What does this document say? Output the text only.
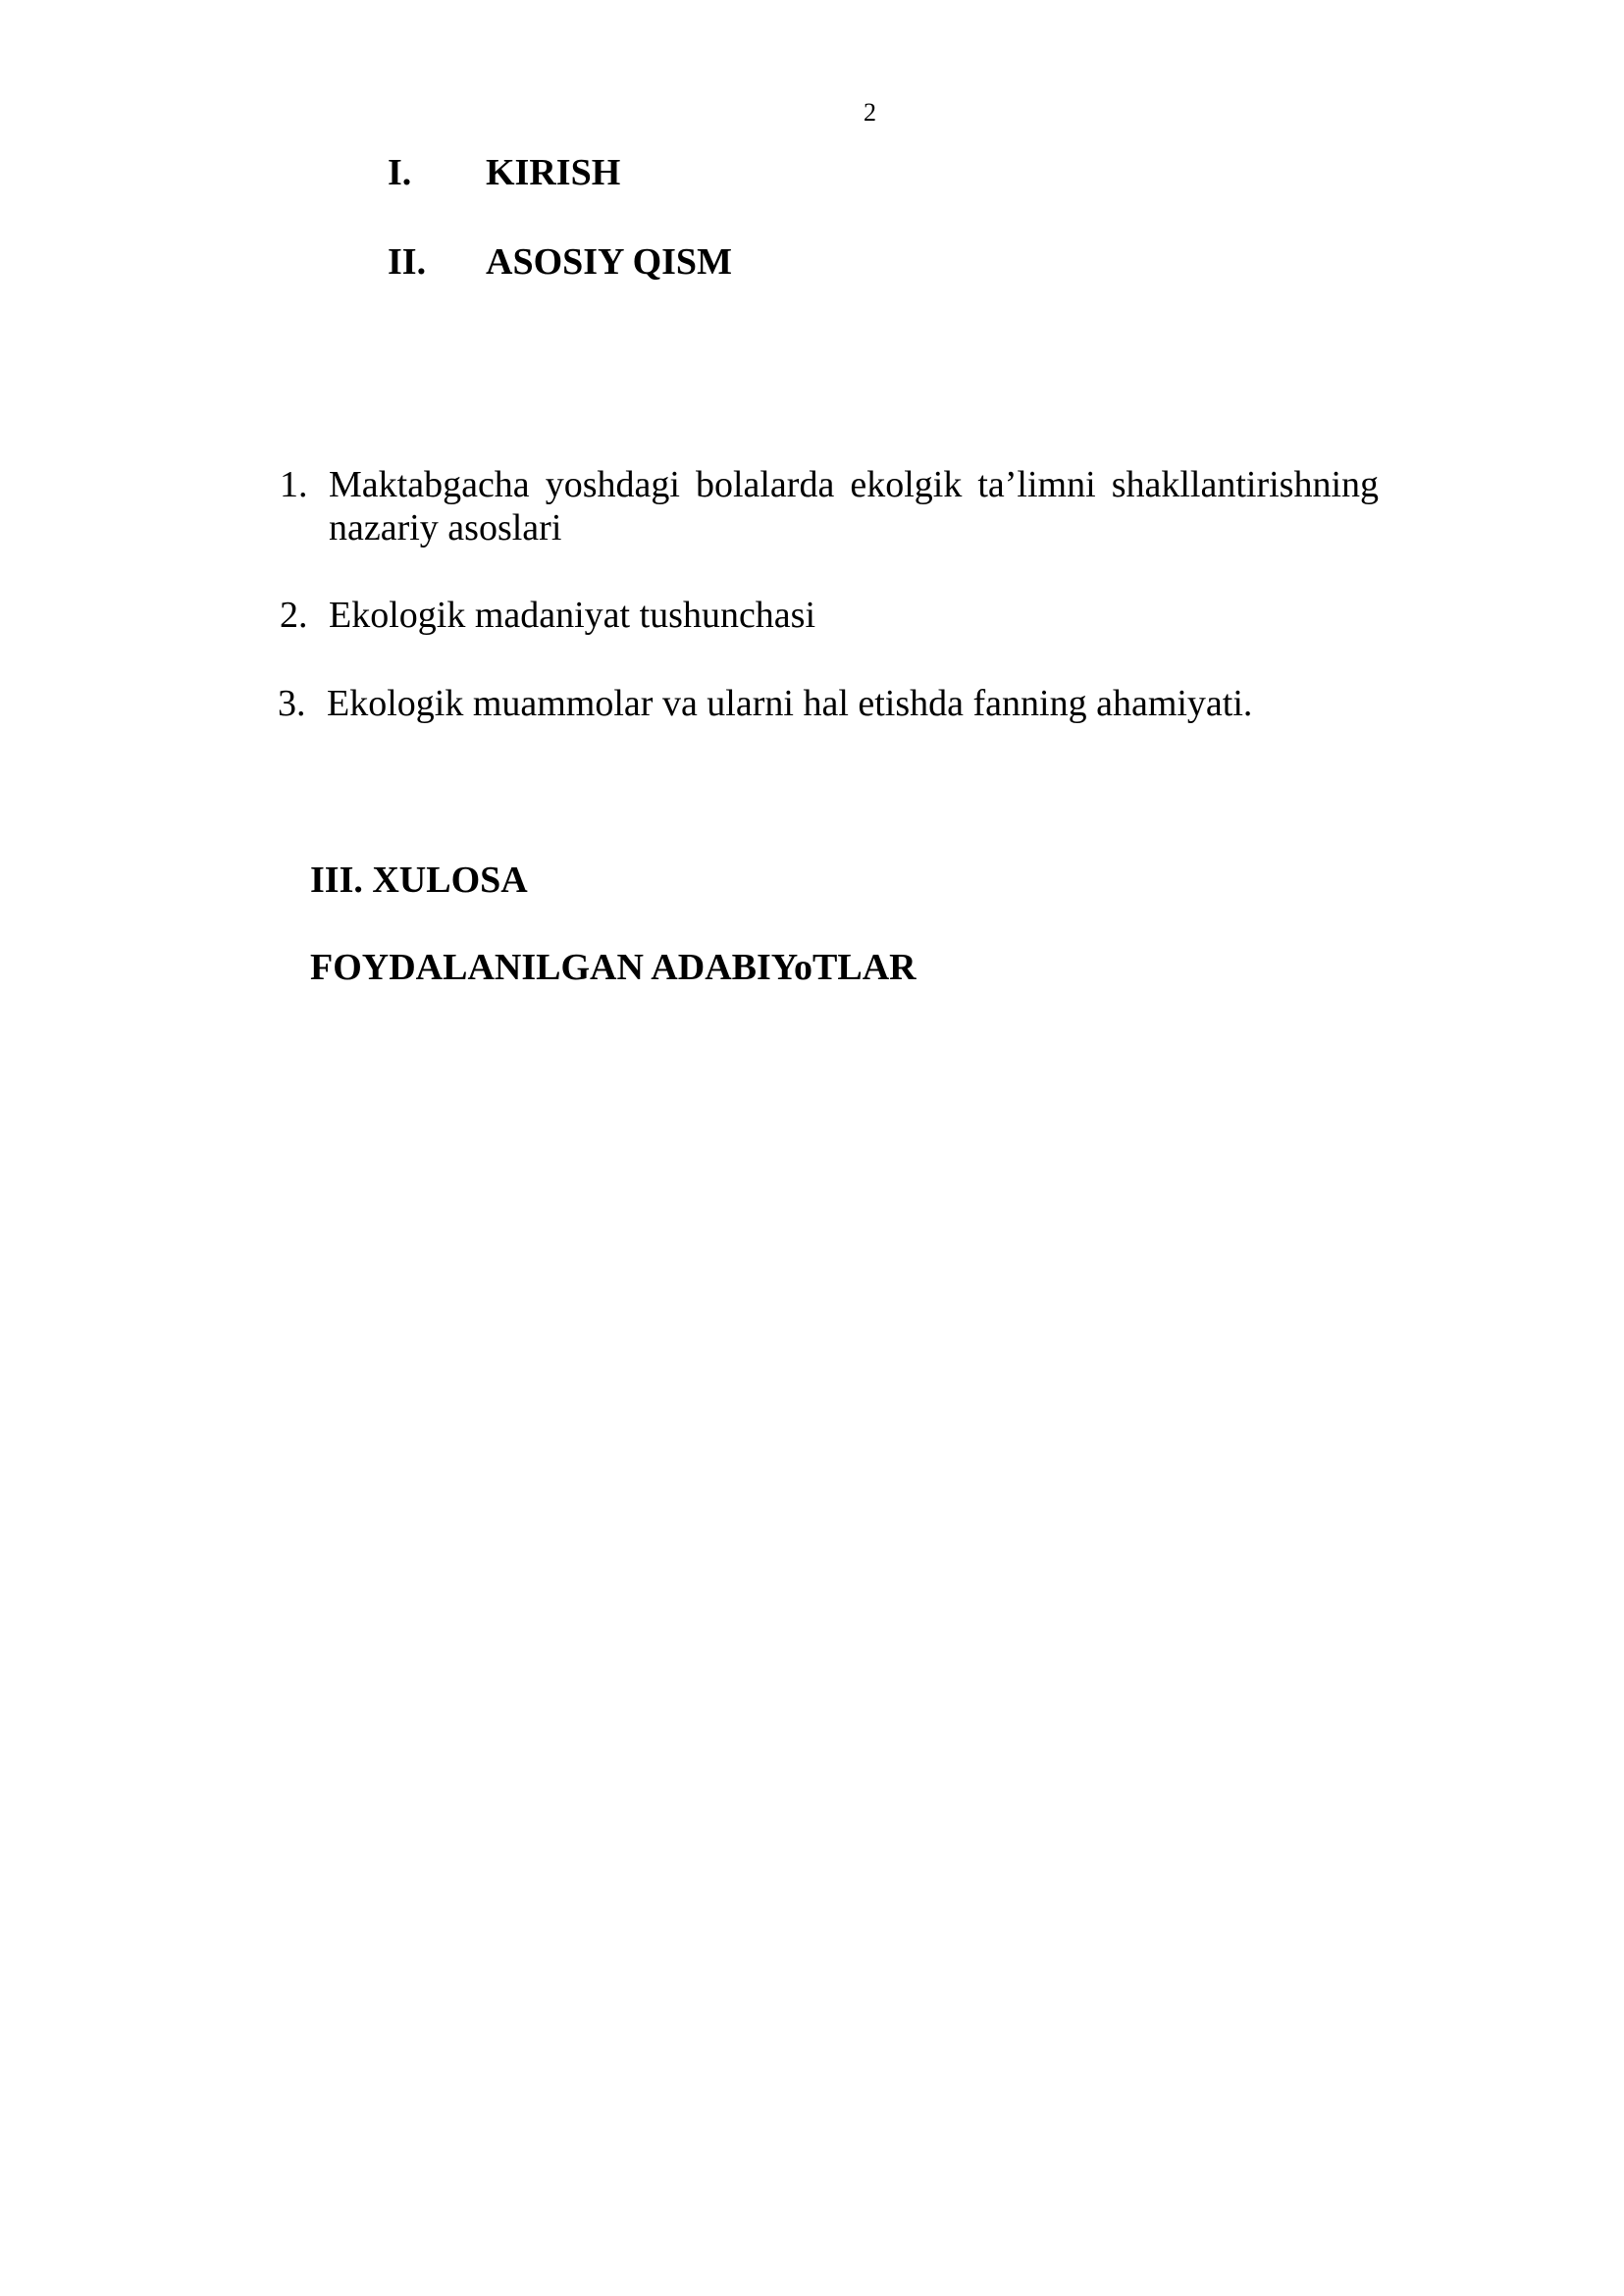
2
I. KIRISH
II. ASOSIY QISM
1. Maktabgacha yoshdagi bolalarda ekolgik ta’limni shakllantirishning nazariy asoslari
2. Ekologik madaniyat tushunchasi
3. Ekologik muammolar va ularni hal etishda fanning ahamiyati.
III. XULOSA
FOYDALANILGAN ADABIYoTLAR
